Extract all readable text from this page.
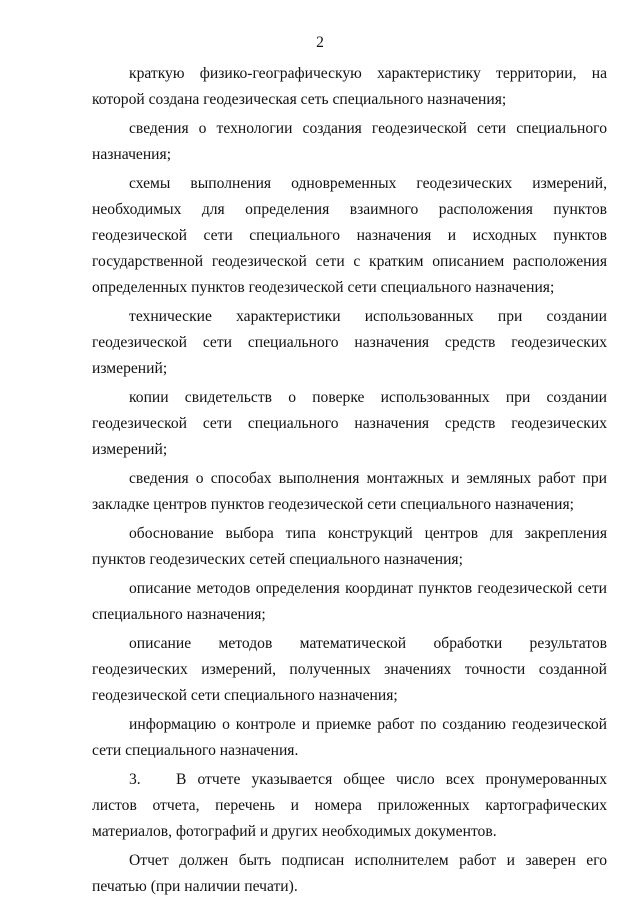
2

краткую физико-географическую характеристику территории, на которой создана геодезическая сеть специального назначения;

сведения о технологии создания геодезической сети специального назначения;

схемы выполнения одновременных геодезических измерений, необходимых для определения взаимного расположения пунктов геодезической сети специального назначения и исходных пунктов государственной геодезической сети с кратким описанием расположения определенных пунктов геодезической сети специального назначения;

технические характеристики использованных при создании геодезической сети специального назначения средств геодезических измерений;

копии свидетельств о поверке использованных при создании геодезической сети специального назначения средств геодезических измерений;

сведения о способах выполнения монтажных и земляных работ при закладке центров пунктов геодезической сети специального назначения;

обоснование выбора типа конструкций центров для закрепления пунктов геодезических сетей специального назначения;

описание методов определения координат пунктов геодезической сети специального назначения;

описание методов математической обработки результатов геодезических измерений, полученных значениях точности созданной геодезической сети специального назначения;

информацию о контроле и приемке работ по созданию геодезической сети специального назначения.

3. В отчете указывается общее число всех пронумерованных листов отчета, перечень и номера приложенных картографических материалов, фотографий и других необходимых документов.

Отчет должен быть подписан исполнителем работ и заверен его печатью (при наличии печати).
